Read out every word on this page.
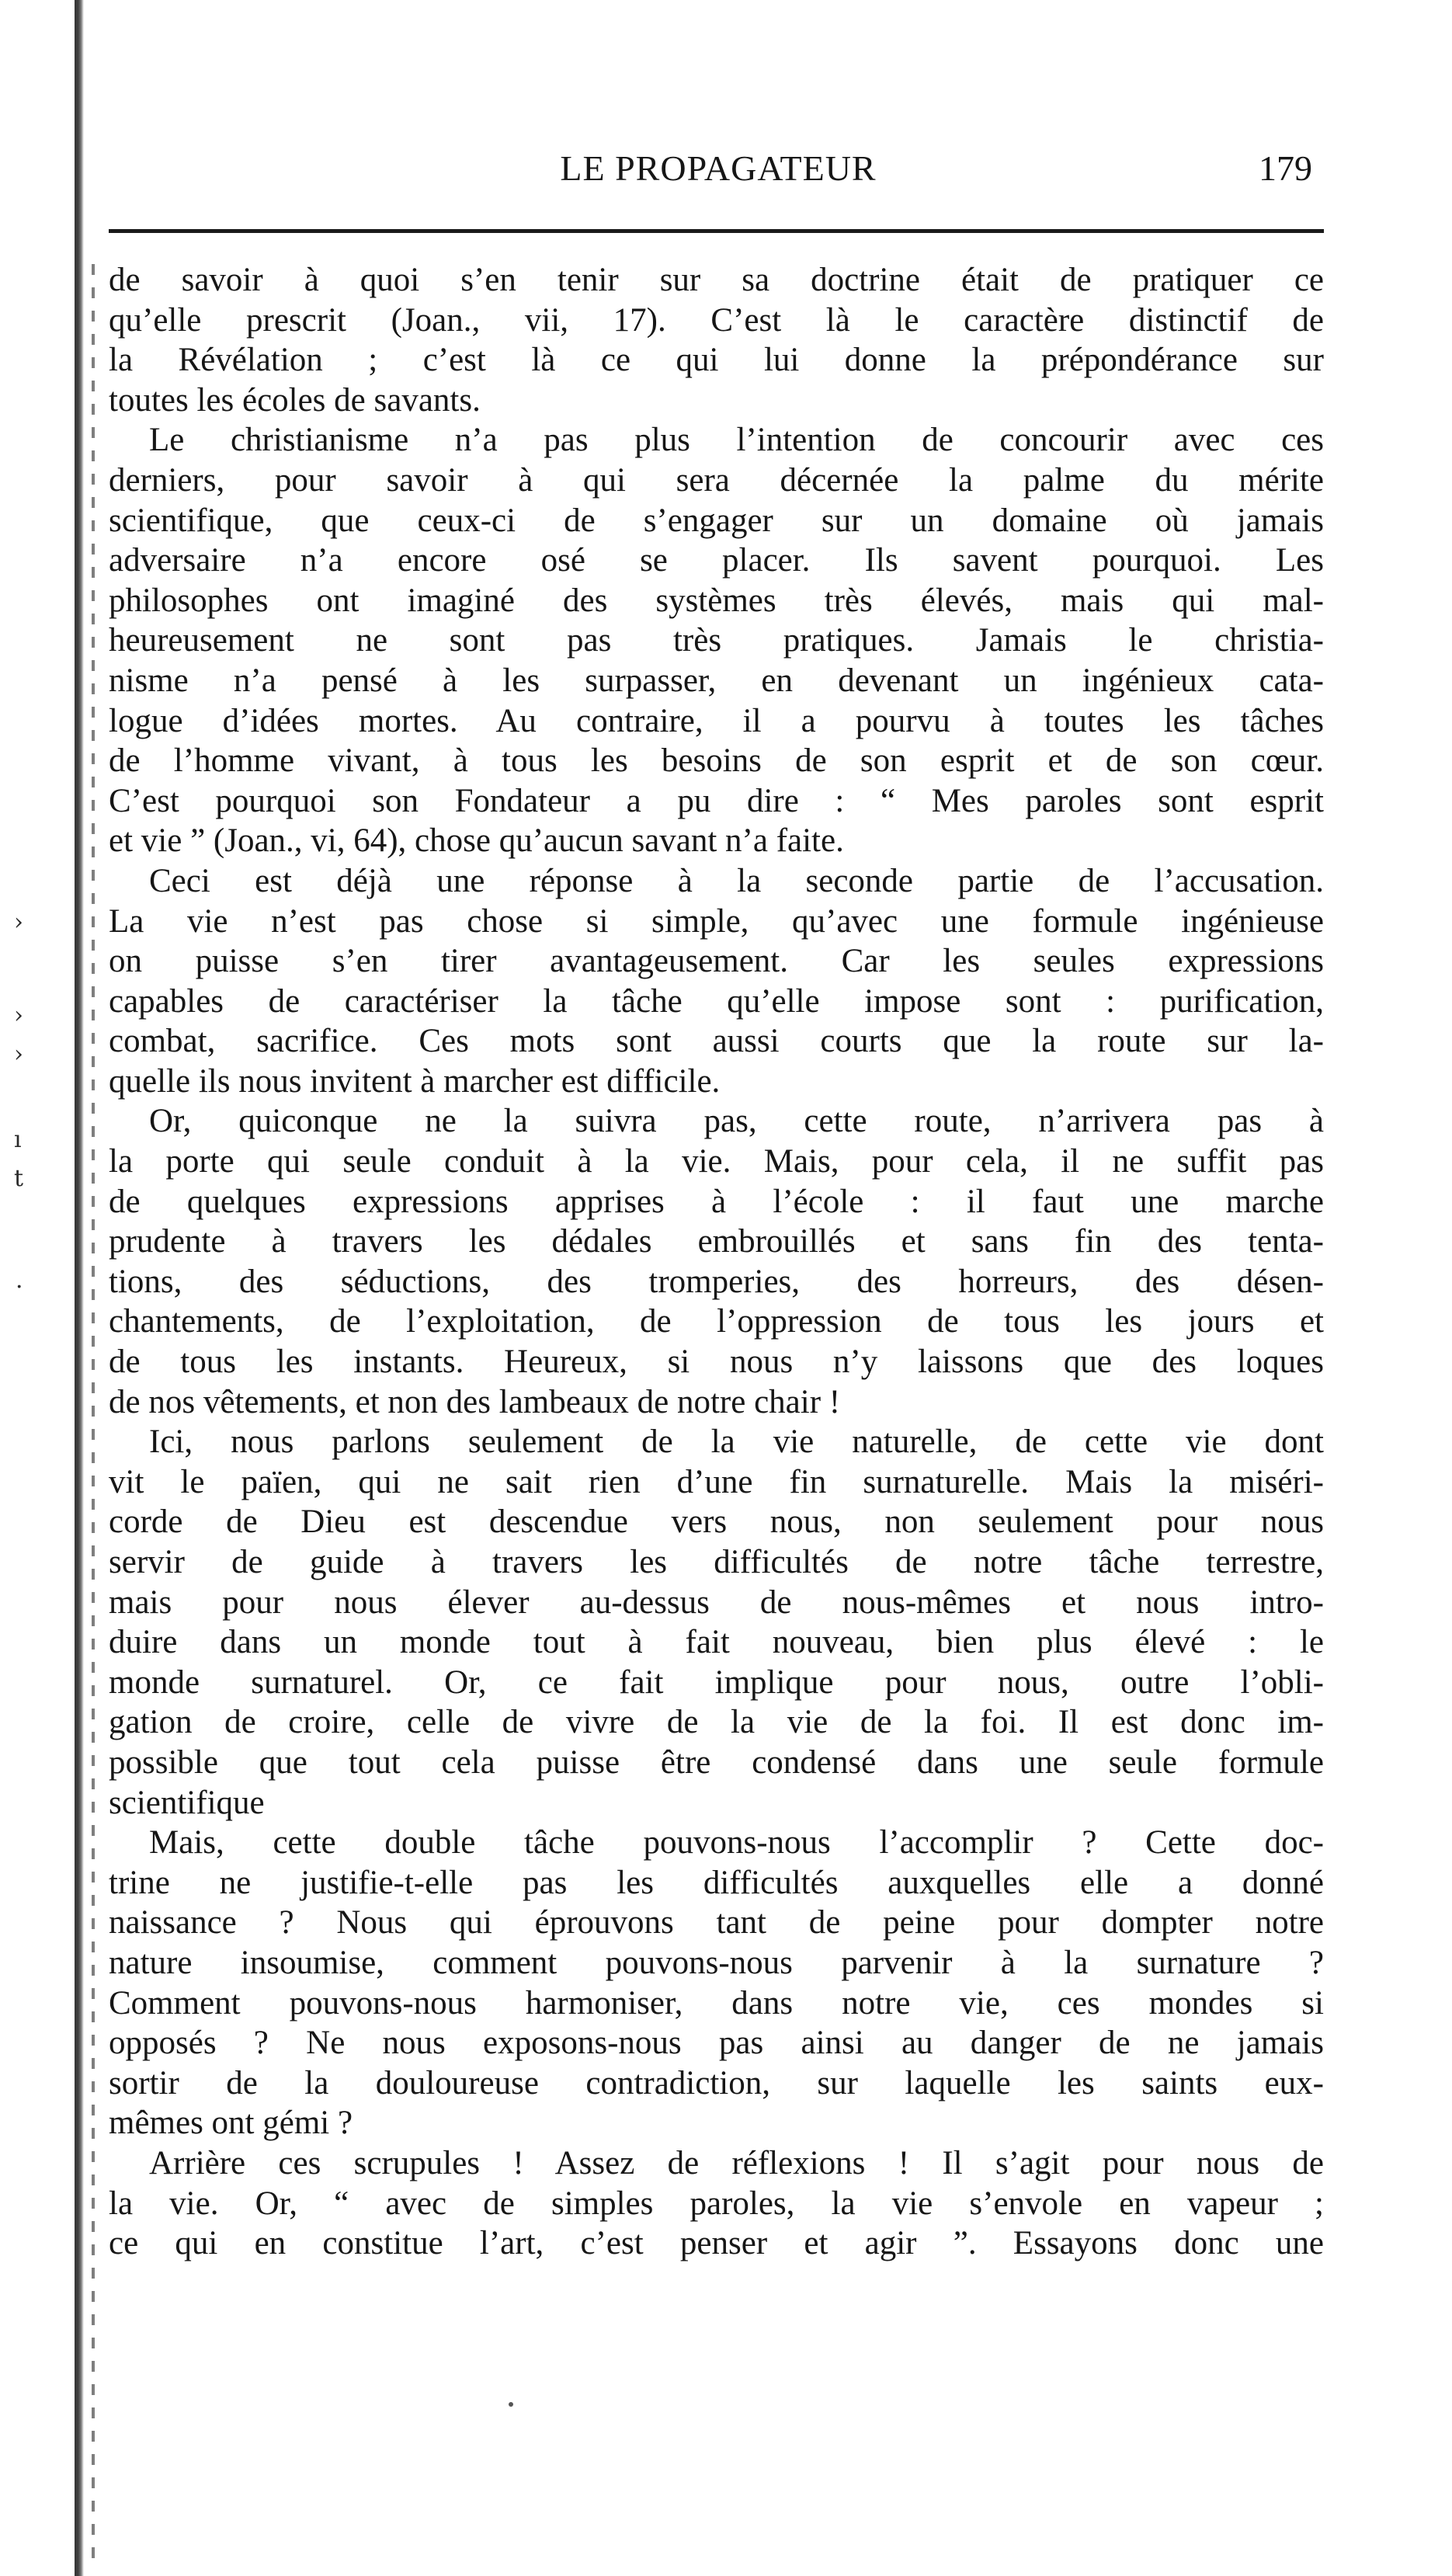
›
›
›
ı
t
·
LE PROPAGATEUR	179
de savoir à quoi s’en tenir sur sa doctrine était de pratiquer ce
qu’elle prescrit (Joan., vii, 17). C’est là le caractère distinctif de
la Révélation ; c’est là ce qui lui donne la prépondérance sur
toutes les écoles de savants.
Le christianisme n’a pas plus l’intention de concourir avec ces
derniers, pour savoir à qui sera décernée la palme du mérite
scientifique, que ceux-ci de s’engager sur un domaine où jamais
adversaire n’a encore osé se placer. Ils savent pourquoi. Les
philosophes ont imaginé des systèmes très élevés, mais qui mal-
heureusement ne sont pas très pratiques. Jamais le christia-
nisme n’a pensé à les surpasser, en devenant un ingénieux cata-
logue d’idées mortes. Au contraire, il a pourvu à toutes les tâches
de l’homme vivant, à tous les besoins de son esprit et de son cœur.
C’est pourquoi son Fondateur a pu dire : “ Mes paroles sont esprit
et vie ” (Joan., vi, 64), chose qu’aucun savant n’a faite.
Ceci est déjà une réponse à la seconde partie de l’accusation.
La vie n’est pas chose si simple, qu’avec une formule ingénieuse
on puisse s’en tirer avantageusement. Car les seules expressions
capables de caractériser la tâche qu’elle impose sont : purification,
combat, sacrifice. Ces mots sont aussi courts que la route sur la-
quelle ils nous invitent à marcher est difficile.
Or, quiconque ne la suivra pas, cette route, n’arrivera pas à
la porte qui seule conduit à la vie. Mais, pour cela, il ne suffit pas
de quelques expressions apprises à l’école : il faut une marche
prudente à travers les dédales embrouillés et sans fin des tenta-
tions, des séductions, des tromperies, des horreurs, des désen-
chantements, de l’exploitation, de l’oppression de tous les jours et
de tous les instants. Heureux, si nous n’y laissons que des loques
de nos vêtements, et non des lambeaux de notre chair !
Ici, nous parlons seulement de la vie naturelle, de cette vie dont
vit le païen, qui ne sait rien d’une fin surnaturelle. Mais la miséri-
corde de Dieu est descendue vers nous, non seulement pour nous
servir de guide à travers les difficultés de notre tâche terrestre,
mais pour nous élever au-dessus de nous-mêmes et nous intro-
duire dans un monde tout à fait nouveau, bien plus élevé : le
monde surnaturel. Or, ce fait implique pour nous, outre l’obli-
gation de croire, celle de vivre de la vie de la foi. Il est donc im-
possible que tout cela puisse être condensé dans une seule formule
scientifique
Mais, cette double tâche pouvons-nous l’accomplir ? Cette doc-
trine ne justifie-t-elle pas les difficultés auxquelles elle a donné
naissance ? Nous qui éprouvons tant de peine pour dompter notre
nature insoumise, comment pouvons-nous parvenir à la surnature ?
Comment pouvons-nous harmoniser, dans notre vie, ces mondes si
opposés ? Ne nous exposons-nous pas ainsi au danger de ne jamais
sortir de la douloureuse contradiction, sur laquelle les saints eux-
mêmes ont gémi ?
Arrière ces scrupules ! Assez de réflexions ! Il s’agit pour nous de
la vie. Or, “ avec de simples paroles, la vie s’envole en vapeur ;
ce qui en constitue l’art, c’est penser et agir ”. Essayons donc une
